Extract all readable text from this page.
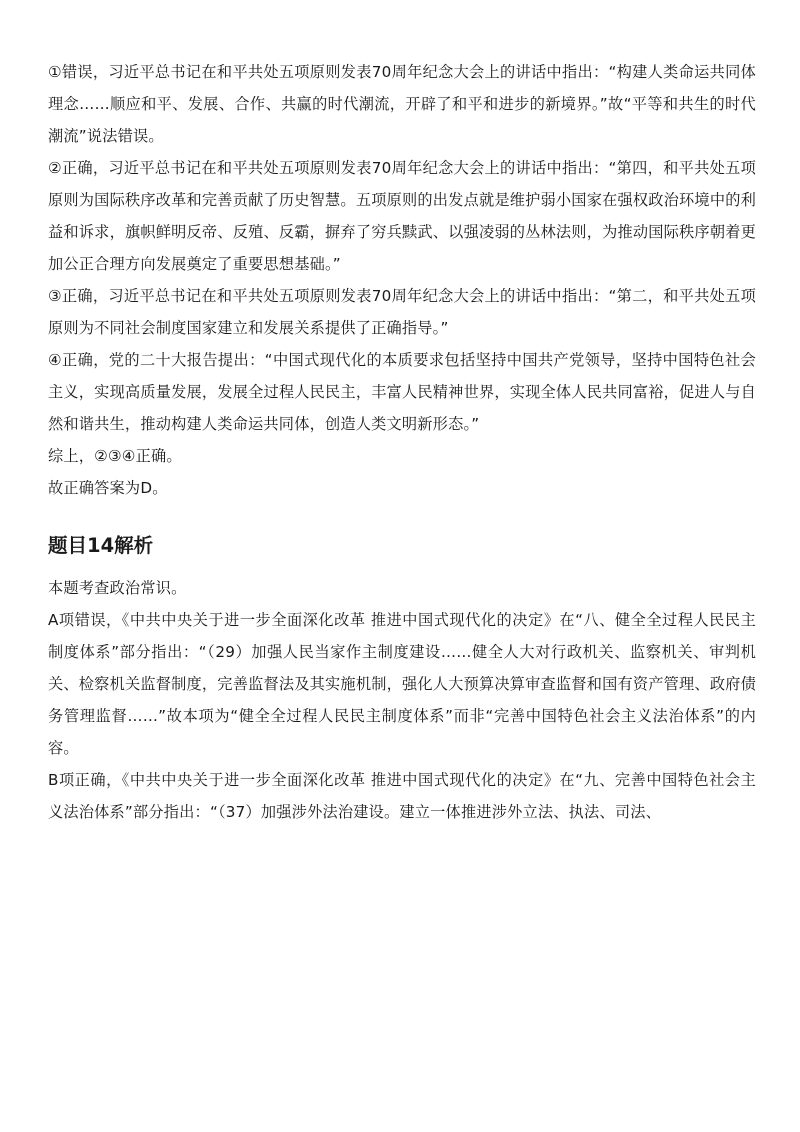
①错误，习近平总书记在和平共处五项原则发表70周年纪念大会上的讲话中指出：“构建人类命运共同体理念……顺应和平、发展、合作、共赢的时代潮流，开辟了和平和进步的新境界。”故“平等和共生的时代潮流”说法错误。

②正确，习近平总书记在和平共处五项原则发表70周年纪念大会上的讲话中指出：“第四，和平共处五项原则为国际秩序改革和完善贡献了历史智慧。五项原则的出发点就是维护弱小国家在强权政治环境中的利益和诉求，旗帜鲜明反帝、反殖、反霸，摒弃了穷兵黩武、以强凌弱的丛林法则，为推动国际秩序朝着更加公正合理方向发展奠定了重要思想基础。”

③正确，习近平总书记在和平共处五项原则发表70周年纪念大会上的讲话中指出：“第二，和平共处五项原则为不同社会制度国家建立和发展关系提供了正确指导。”

④正确，党的二十大报告提出：“中国式现代化的本质要求包括坚持中国共产党领导，坚持中国特色社会主义，实现高质量发展，发展全过程人民民主，丰富人民精神世界，实现全体人民共同富裕，促进人与自然和谐共生，推动构建人类命运共同体，创造人类文明新形态。”

综上，②③④正确。

故正确答案为D。

题目14解析

本题考查政治常识。

A项错误，《中共中央关于进一步全面深化改革 推进中国式现代化的决定》在“八、健全全过程人民民主制度体系”部分指出：“（29）加强人民当家作主制度建设……健全人大对行政机关、监察机关、审判机关、检察机关监督制度，完善监督法及其实施机制，强化人大预算决算审查监督和国有资产管理、政府债务管理监督……”故本项为“健全全过程人民民主制度体系”而非“完善中国特色社会主义法治体系”的内容。

B项正确，《中共中央关于进一步全面深化改革 推进中国式现代化的决定》在“九、完善中国特色社会主义法治体系”部分指出：“（37）加强涉外法治建设。建立一体推进涉外立法、执法、司法、
